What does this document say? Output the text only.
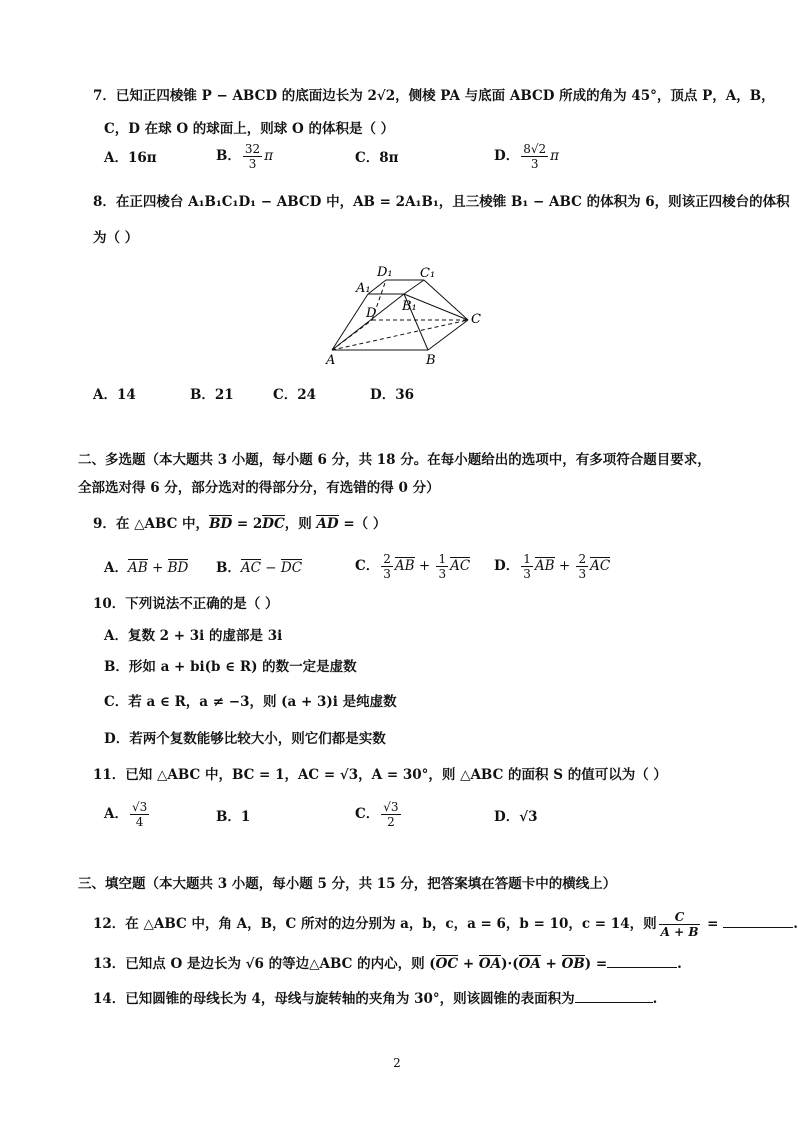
7．已知正四棱锥 P − ABCD 的底面边长为 2√2，侧棱 PA 与底面 ABCD 所成的角为 45°，顶点 P，A，B，
C，D 在球 O 的球面上，则球 O 的体积是（ ）
A．16π	B． $\frac{32}{3}$ π	C．8π	D． $\frac{8√2}{3}$ π
8．在正四棱台 A₁B₁C₁D₁ − ABCD 中，AB = 2A₁B₁，且三棱锥 B₁ − ABC 的体积为 6，则该正四棱台的体积
为（ ）
D₁ C₁
A₁
B₁
D	C
A	B
A．14	B．21	C．24	D．36
二、多选题（本大题共 3 小题，每小题 6 分，共 18 分。在每小题给出的选项中，有多项符合题目要求，
全部选对得 6 分，部分选对的得部分分，有选错的得 0 分）
9．在 △ABC 中，BD = 2DC，则 AD =（ ）
A．AB + BD B．AC − DC	C． $\frac{2}{3}$ AB + $\frac{1}{3}$ AC D． $\frac{1}{3}$ AB + $\frac{2}{3}$ AC
10．下列说法不正确的是（ ）
A．复数 2 + 3i 的虚部是 3i
B．形如 a + bi(b ∈ R) 的数一定是虚数
C．若 a ∈ R，a ≠ −3，则 (a + 3)i 是纯虚数
D．若两个复数能够比较大小，则它们都是实数
11．已知 △ABC 中，BC = 1，AC = √3，A = 30°，则 △ABC 的面积 S 的值可以为（ ）
A． $\frac{√3}{4}$	B．1	C． $\frac{√3}{2}$	D．√3
三、填空题（本大题共 3 小题，每小题 5 分，共 15 分，把答案填在答题卡中的横线上）
12．在 △ABC 中，角 A，B，C 所对的边分别为 a，b，c，a = 6，b = 10，c = 14，则 $\frac{C}{A + B}$ =	.
13．已知点 O 是边长为 √6 的等边△ABC 的内心，则 (OC + OA)·(OA + OB) =	.
14．已知圆锥的母线长为 4，母线与旋转轴的夹角为 30°，则该圆锥的表面积为	.
2
